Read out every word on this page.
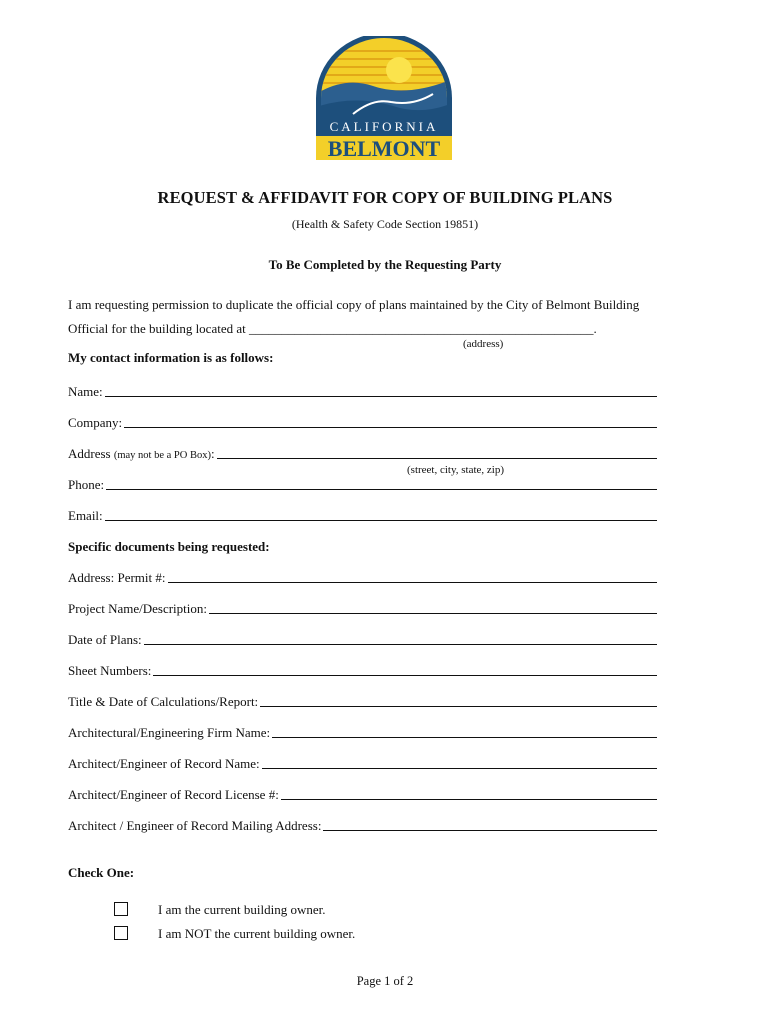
CALIFORNIA
BELMONT
REQUEST & AFFIDAVIT FOR COPY OF BUILDING PLANS
(Health & Safety Code Section 19851)
To Be Completed by the Requesting Party
I am requesting permission to duplicate the official copy of plans maintained by the City of Belmont Building
Official for the building located at _____________________________________________________.
(address)
My contact information is as follows:
Name:
Company:
Address (may not be a PO Box):
(street, city, state, zip)
Phone:
Email:
Specific documents being requested:
Address: Permit #:
Project Name/Description:
Date of Plans:
Sheet Numbers:
Title & Date of Calculations/Report:
Architectural/Engineering Firm Name:
Architect/Engineer of Record Name:
Architect/Engineer of Record License #:
Architect / Engineer of Record Mailing Address:
Check One:
I am the current building owner.
I am NOT the current building owner.
Page 1 of 2
